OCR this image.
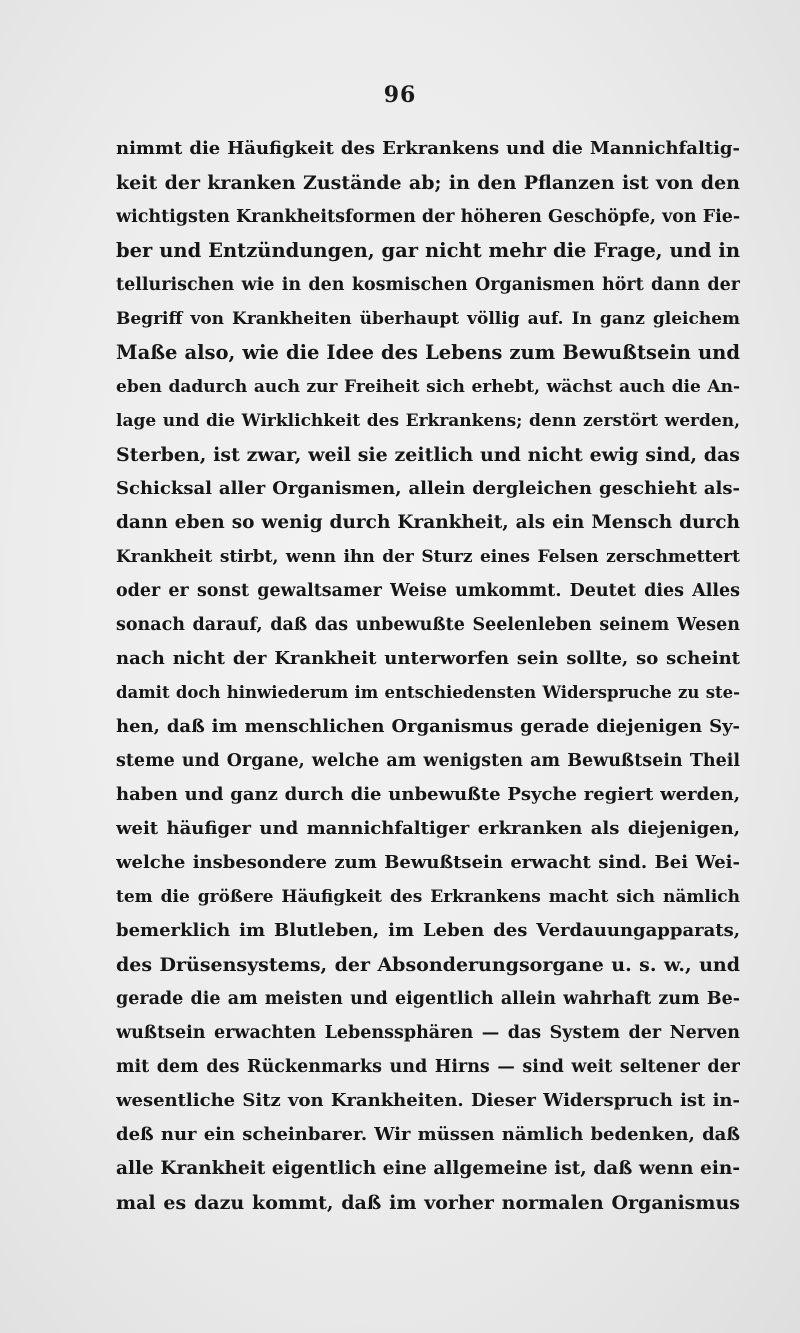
96
nimmt die Häufigkeit des Erkrankens und die Mannichfaltig-
keit der kranken Zustände ab; in den Pflanzen ist von den
wichtigsten Krankheitsformen der höheren Geschöpfe, von Fie-
ber und Entzündungen, gar nicht mehr die Frage, und in
tellurischen wie in den kosmischen Organismen hört dann der
Begriff von Krankheiten überhaupt völlig auf. In ganz gleichem
Maße also, wie die Idee des Lebens zum Bewußtsein und
eben dadurch auch zur Freiheit sich erhebt, wächst auch die An-
lage und die Wirklichkeit des Erkrankens; denn zerstört werden,
Sterben, ist zwar, weil sie zeitlich und nicht ewig sind, das
Schicksal aller Organismen, allein dergleichen geschieht als-
dann eben so wenig durch Krankheit, als ein Mensch durch
Krankheit stirbt, wenn ihn der Sturz eines Felsen zerschmettert
oder er sonst gewaltsamer Weise umkommt. Deutet dies Alles
sonach darauf, daß das unbewußte Seelenleben seinem Wesen
nach nicht der Krankheit unterworfen sein sollte, so scheint
damit doch hinwiederum im entschiedensten Widerspruche zu ste-
hen, daß im menschlichen Organismus gerade diejenigen Sy-
steme und Organe, welche am wenigsten am Bewußtsein Theil
haben und ganz durch die unbewußte Psyche regiert werden,
weit häufiger und mannichfaltiger erkranken als diejenigen,
welche insbesondere zum Bewußtsein erwacht sind. Bei Wei-
tem die größere Häufigkeit des Erkrankens macht sich nämlich
bemerklich im Blutleben, im Leben des Verdauungapparats,
des Drüsensystems, der Absonderungsorgane u. s. w., und
gerade die am meisten und eigentlich allein wahrhaft zum Be-
wußtsein erwachten Lebenssphären — das System der Nerven
mit dem des Rückenmarks und Hirns — sind weit seltener der
wesentliche Sitz von Krankheiten. Dieser Widerspruch ist in-
deß nur ein scheinbarer. Wir müssen nämlich bedenken, daß
alle Krankheit eigentlich eine allgemeine ist, daß wenn ein-
mal es dazu kommt, daß im vorher normalen Organismus
